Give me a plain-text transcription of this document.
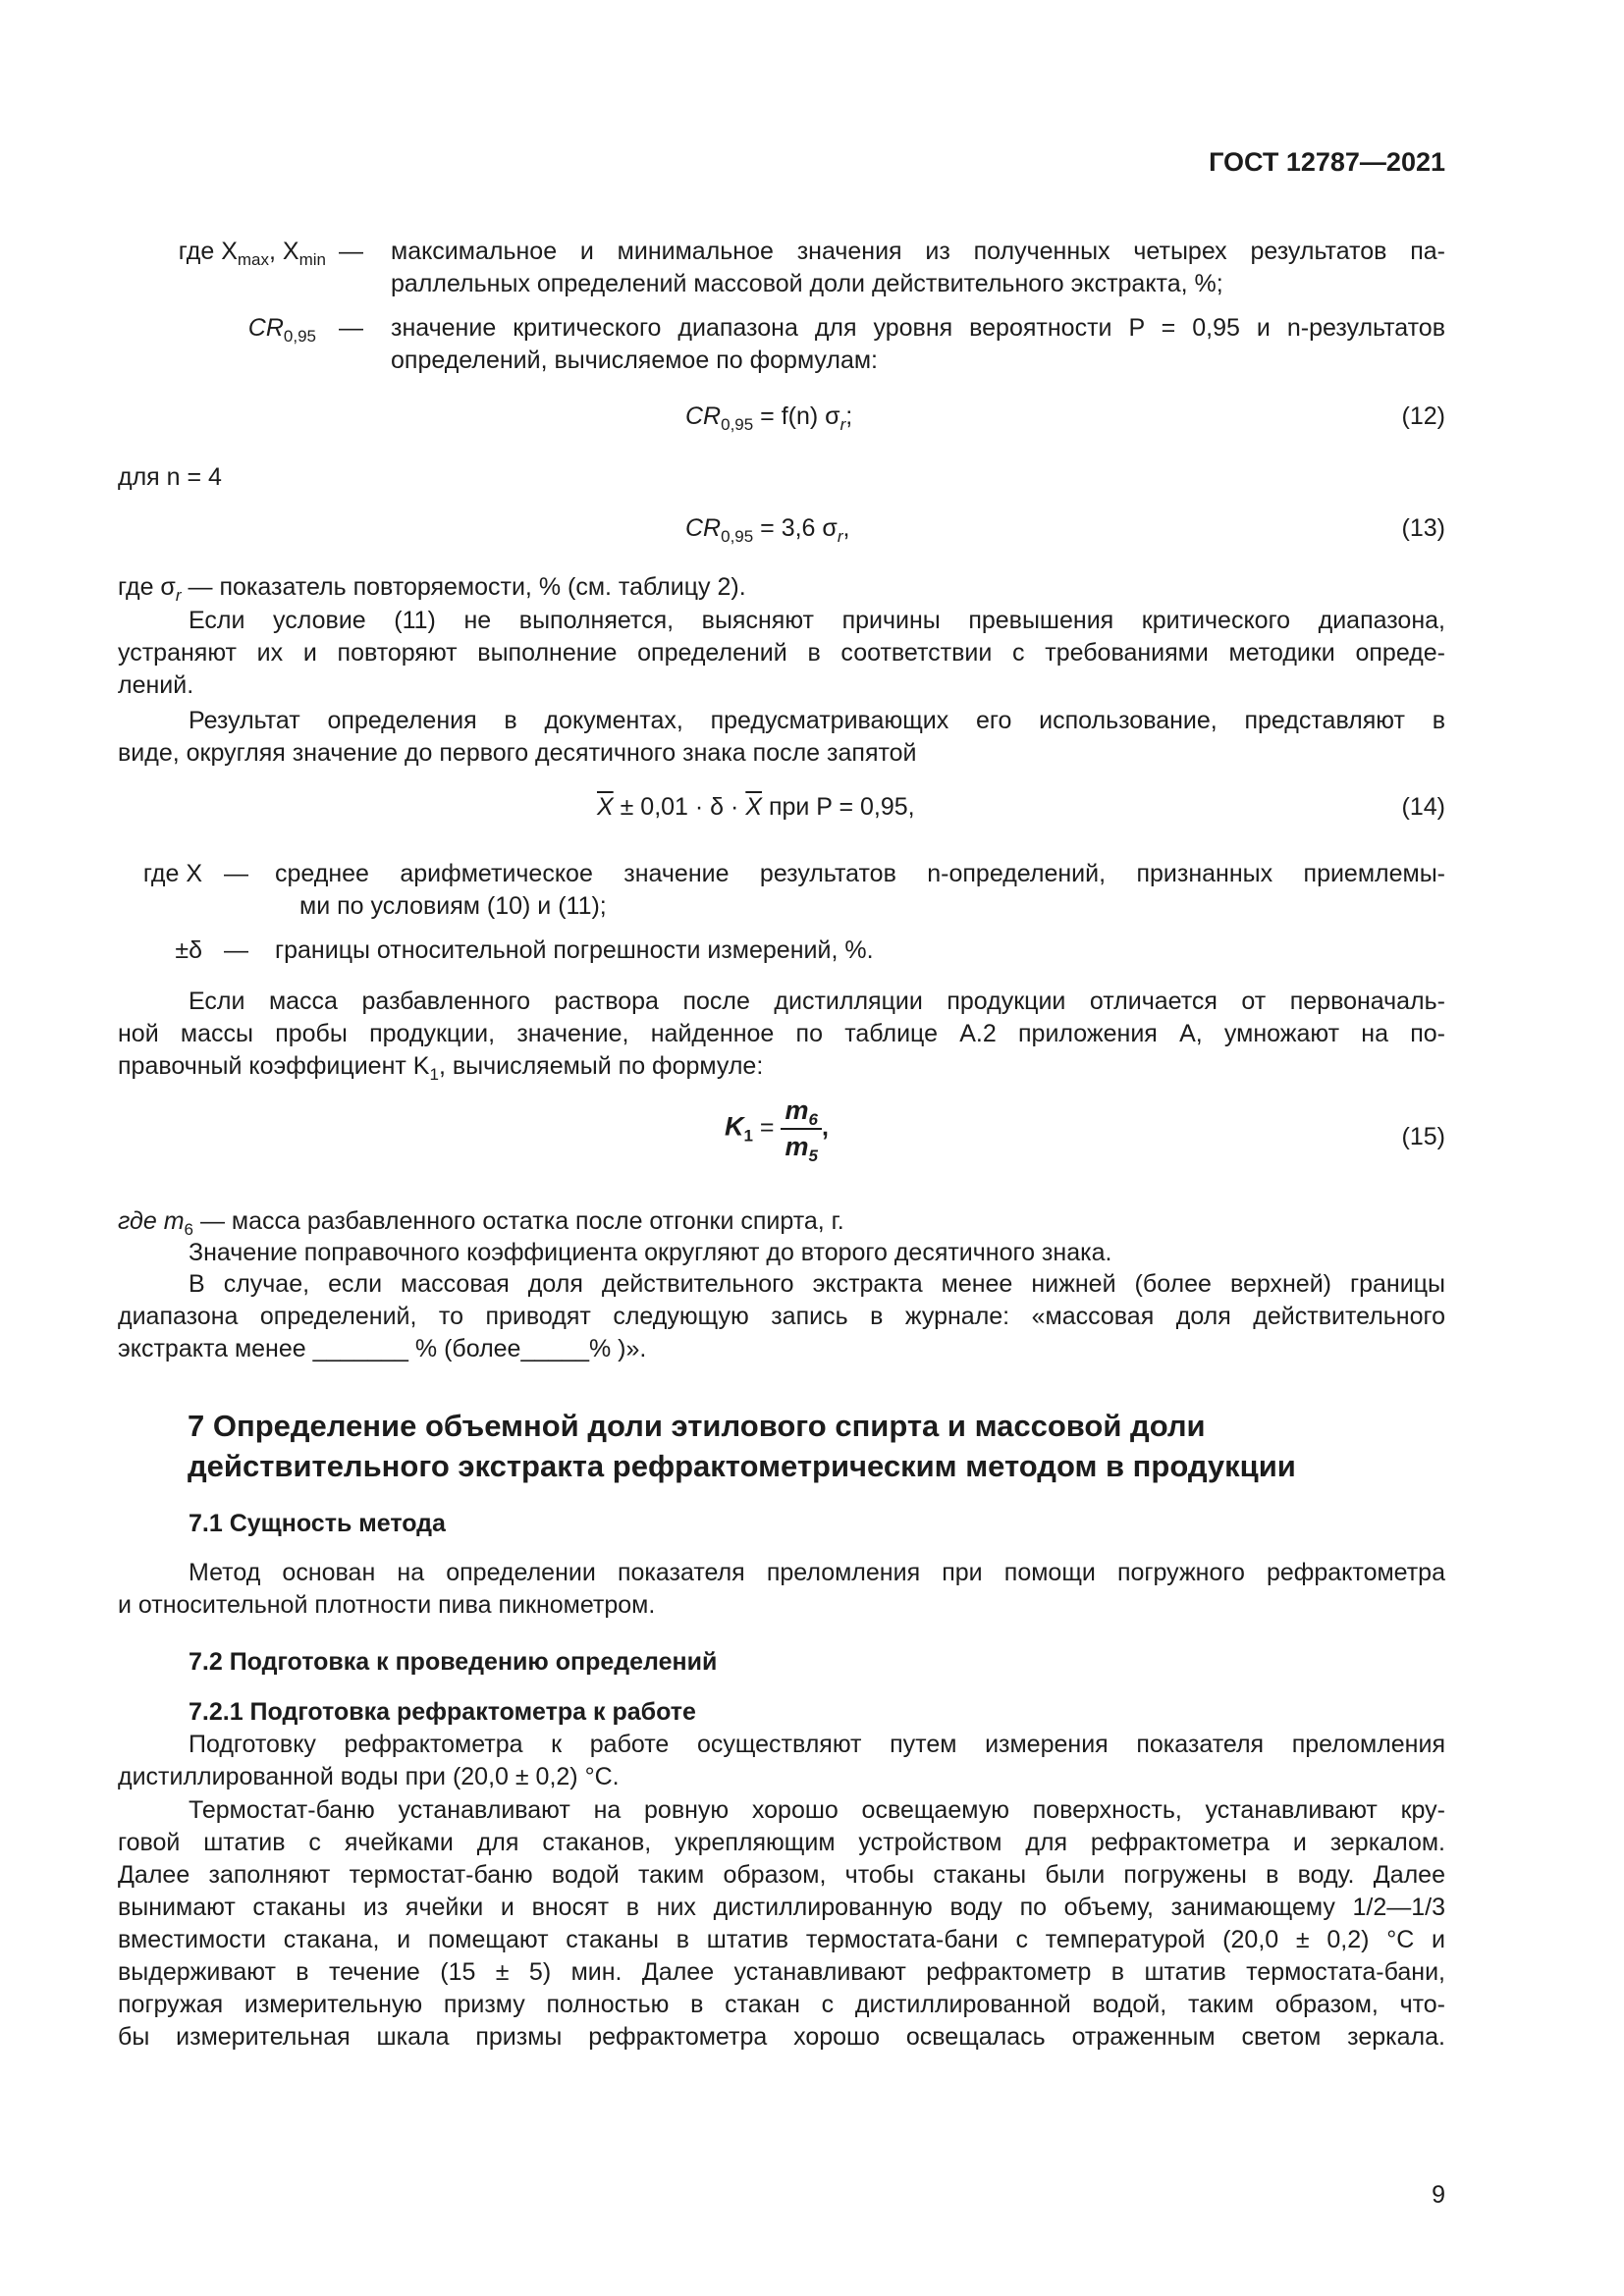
ГОСТ 12787—2021
где $X_{max}$, $X_{min}$ — максимальное и минимальное значения из полученных четырех результатов па-
раллельных определений массовой доли действительного экстракта, %;
$CR_{0,95}$ — значение критического диапазона для уровня вероятности P = 0,95 и n-результатов
определений, вычисляемое по формулам:
$CR_{0,95} = f(n)$ $\sigma_r$;	(12)
для n = 4
$CR_{0,95} = 3,6$ $\sigma_r$,	(13)
где $\sigma_r$ — показатель повторяемости, % (см. таблицу 2).
Если условие (11) не выполняется, выясняют причины превышения критического диапазона,
устраняют их и повторяют выполнение определений в соответствии с требованиями методики опреде-
лений.
Результат определения в документах, предусматривающих его использование, представляют в
виде, округляя значение до первого десятичного знака после запятой
$\overline{X} \pm 0,01 \cdot \delta \cdot \overline{X}$ при P = 0,95,	(14)
где X — среднее арифметическое значение результатов n-определений, признанных приемлемы-
ми по условиям (10) и (11);
±δ — границы относительной погрешности измерений, %.
Если масса разбавленного раствора после дистилляции продукции отличается от первоначаль-
ной массы пробы продукции, значение, найденное по таблице А.2 приложения А, умножают на по-
правочный коэффициент $K_1$, вычисляемый по формуле:
$K_1 = \frac{m_6}{m_5}$ ,	(15)
где $m_6$ — масса разбавленного остатка после отгонки спирта, г.
Значение поправочного коэффициента округляют до второго десятичного знака.
В случае, если массовая доля действительного экстракта менее нижней (более верхней) границы
диапазона определений, то приводят следующую запись в журнале: «массовая доля действительного
экстракта менее _______ % (более_____% )».
7 Определение объемной доли этилового спирта и массовой доли
действительного экстракта рефрактометрическим методом в продукции
7.1 Сущность метода
Метод основан на определении показателя преломления при помощи погружного рефрактометра
и относительной плотности пива пикнометром.
7.2 Подготовка к проведению определений
7.2.1 Подготовка рефрактометра к работе
Подготовку рефрактометра к работе осуществляют путем измерения показателя преломления
дистиллированной воды при (20,0 ± 0,2) °С.
Термостат-баню устанавливают на ровную хорошо освещаемую поверхность, устанавливают кру-
говой штатив с ячейками для стаканов, укрепляющим устройством для рефрактометра и зеркалом.
Далее заполняют термостат-баню водой таким образом, чтобы стаканы были погружены в воду. Далее
вынимают стаканы из ячейки и вносят в них дистиллированную воду по объему, занимающему 1/2—1/3
вместимости стакана, и помещают стаканы в штатив термостата-бани с температурой (20,0 ± 0,2) °С и
выдерживают в течение (15 ± 5) мин. Далее устанавливают рефрактометр в штатив термостата-бани,
погружая измерительную призму полностью в стакан с дистиллированной водой, таким образом, что-
бы измерительная шкала призмы рефрактометра хорошо освещалась отраженным светом зеркала.
9
